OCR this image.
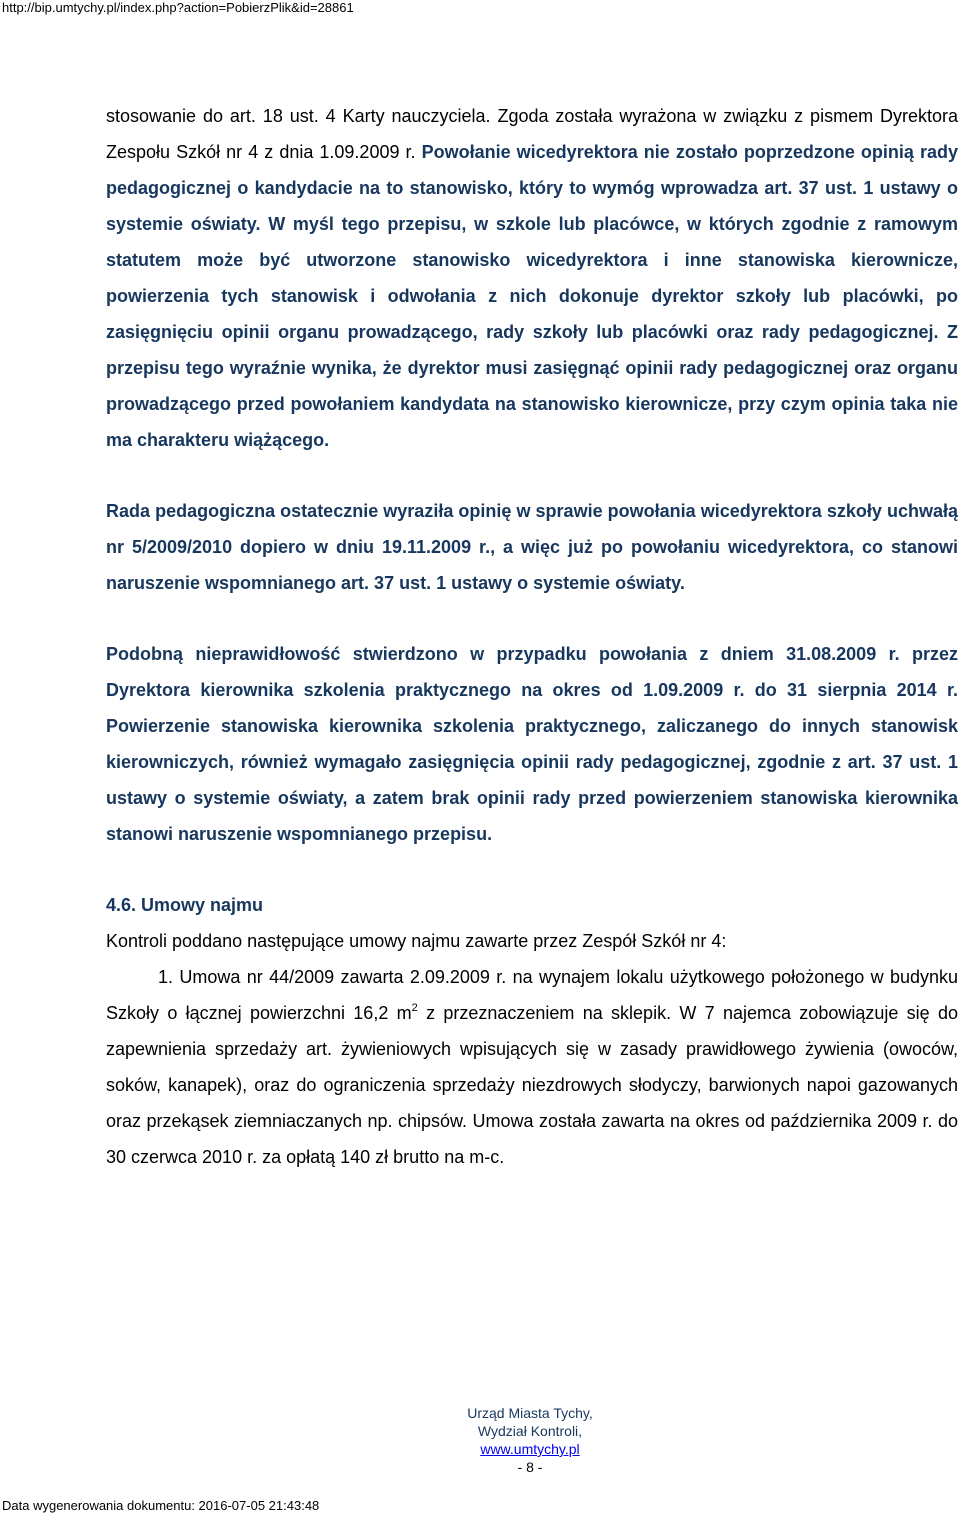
http://bip.umtychy.pl/index.php?action=PobierzPlik&id=28861

stosowanie do art. 18 ust. 4 Karty nauczyciela. Zgoda została wyrażona w związku z pismem Dyrektora Zespołu Szkół nr 4 z dnia 1.09.2009 r. Powołanie wicedyrektora nie zostało poprzedzone opinią rady pedagogicznej o kandydacie na to stanowisko, który to wymóg wprowadza art. 37 ust. 1 ustawy o systemie oświaty. W myśl tego przepisu, w szkole lub placówce, w których zgodnie z ramowym statutem może być utworzone stanowisko wicedyrektora i inne stanowiska kierownicze, powierzenia tych stanowisk i odwołania z nich dokonuje dyrektor szkoły lub placówki, po zasięgnięciu opinii organu prowadzącego, rady szkoły lub placówki oraz rady pedagogicznej. Z przepisu tego wyraźnie wynika, że dyrektor musi zasięgnąć opinii rady pedagogicznej oraz organu prowadzącego przed powołaniem kandydata na stanowisko kierownicze, przy czym opinia taka nie ma charakteru wiążącego.

Rada pedagogiczna ostatecznie wyraziła opinię w sprawie powołania wicedyrektora szkoły uchwałą nr 5/2009/2010 dopiero w dniu 19.11.2009 r., a więc już po powołaniu wicedyrektora, co stanowi naruszenie wspomnianego art. 37 ust. 1 ustawy o systemie oświaty.

Podobną nieprawidłowość stwierdzono w przypadku powołania z dniem 31.08.2009 r. przez Dyrektora kierownika szkolenia praktycznego na okres od 1.09.2009 r. do 31 sierpnia 2014 r. Powierzenie stanowiska kierownika szkolenia praktycznego, zaliczanego do innych stanowisk kierowniczych, również wymagało zasięgnięcia opinii rady pedagogicznej, zgodnie z art. 37 ust. 1 ustawy o systemie oświaty, a zatem brak opinii rady przed powierzeniem stanowiska kierownika stanowi naruszenie wspomnianego przepisu.

4.6. Umowy najmu

Kontroli poddano następujące umowy najmu zawarte przez Zespół Szkół nr 4:

1. Umowa nr 44/2009 zawarta 2.09.2009 r. na wynajem lokalu użytkowego położonego w budynku Szkoły o łącznej powierzchni 16,2 $m^2$ z przeznaczeniem na sklepik. W 7 najemca zobowiązuje się do zapewnienia sprzedaży art. żywieniowych wpisujących się w zasady prawidłowego żywienia (owoców, soków, kanapek), oraz do ograniczenia sprzedaży niezdrowych słodyczy, barwionych napoi gazowanych oraz przekąsek ziemniaczanych np. chipsów. Umowa została zawarta na okres od października 2009 r. do 30 czerwca 2010 r. za opłatą 140 zł brutto na m-c.

Urząd Miasta Tychy,
Wydział Kontroli,
www.umtychy.pl
- 8 -
Data wygenerowania dokumentu: 2016-07-05 21:43:48
